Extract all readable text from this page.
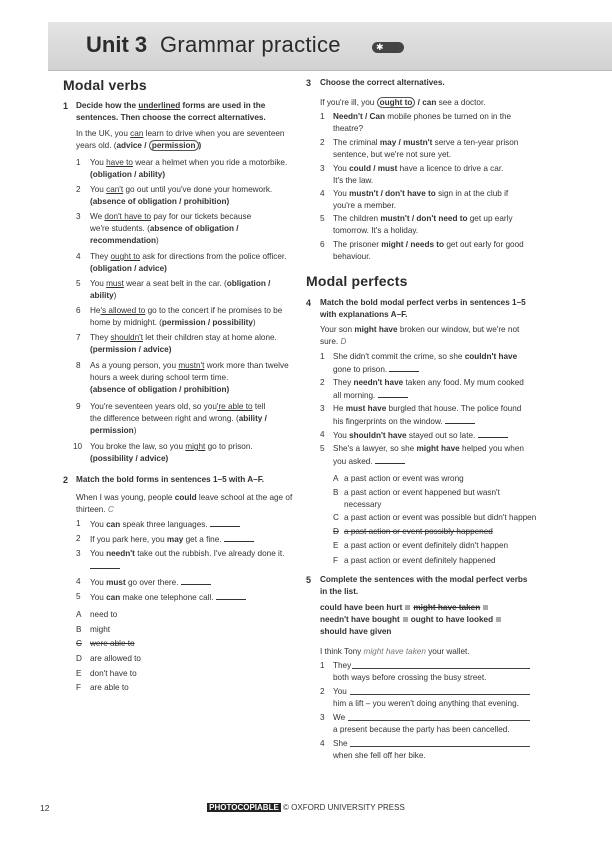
Unit 3 Grammar practice	✱
Modal verbs
1 Decide how the underlined forms are used in the
sentences. Then choose the correct alternatives.
In the UK, you can learn to drive when you are seventeen
years old. (advice / permission )
1 You have to wear a helmet when you ride a motorbike.
(obligation / ability)
2 You can't go out until you've done your homework.
(absence of obligation / prohibition)
3 We don't have to pay for our tickets because
we're students. (absence of obligation /
recommendation)
4 They ought to ask for directions from the police officer.
(obligation / advice)
5 You must wear a seat belt in the car. (obligation /
ability)
6 He's allowed to go to the concert if he promises to be
home by midnight. (permission / possibility)
7 They shouldn't let their children stay at home alone.
(permission / advice)
8 As a young person, you mustn't work more than twelve
hours a week during school term time.
(absence of obligation / prohibition)
9 You're seventeen years old, so you're able to tell
the difference between right and wrong. (ability /
permission)
10 You broke the law, so you might go to prison.
(possibility / advice)
2 Match the bold forms in sentences 1–5 with A–F.
When I was young, people could leave school at the age of
thirteen. C
1 You can speak three languages.
2 If you park here, you may get a fine.
3 You needn't take out the rubbish. I've already done it.

4 You must go over there.
5 You can make one telephone call.
A need to
B might
C were able to
D are allowed to
E don't have to
F are able to
3 Choose the correct alternatives.
If you're ill, you ought to / can see a doctor.
1 Needn't / Can mobile phones be turned on in the
theatre?
2 The criminal may / mustn't serve a ten-year prison
sentence, but we're not sure yet.
3 You could / must have a licence to drive a car.
It's the law.
4 You mustn't / don't have to sign in at the club if
you're a member.
5 The children mustn't / don't need to get up early
tomorrow. It's a holiday.
6 The prisoner might / needs to get out early for good
behaviour.
Modal perfects
4 Match the bold modal perfect verbs in sentences 1–5
with explanations A–F.
Your son might have broken our window, but we're not
sure. D
1 She didn't commit the crime, so she couldn't have
gone to prison.
2 They needn't have taken any food. My mum cooked
all morning.
3 He must have burgled that house. The police found
his fingerprints on the window.
4 You shouldn't have stayed out so late.
5 She's a lawyer, so she might have helped you when
you asked.
A a past action or event was wrong
B a past action or event happened but wasn't
necessary
C a past action or event was possible but didn't happen
D a past action or event possibly happened
E a past action or event definitely didn't happen
F a past action or event definitely happened
5 Complete the sentences with the modal perfect verbs
in the list.
could have been hurt might have taken
needn't have bought ought to have looked
should have given
I think Tony might have taken your wallet.
1 They
both ways before crossing the busy street.
2 You
him a lift – you weren't doing anything that evening.
3 We
a present because the party has been cancelled.
4 She
when she fell off her bike.
12	PHOTOCOPIABLE © OXFORD UNIVERSITY PRESS
